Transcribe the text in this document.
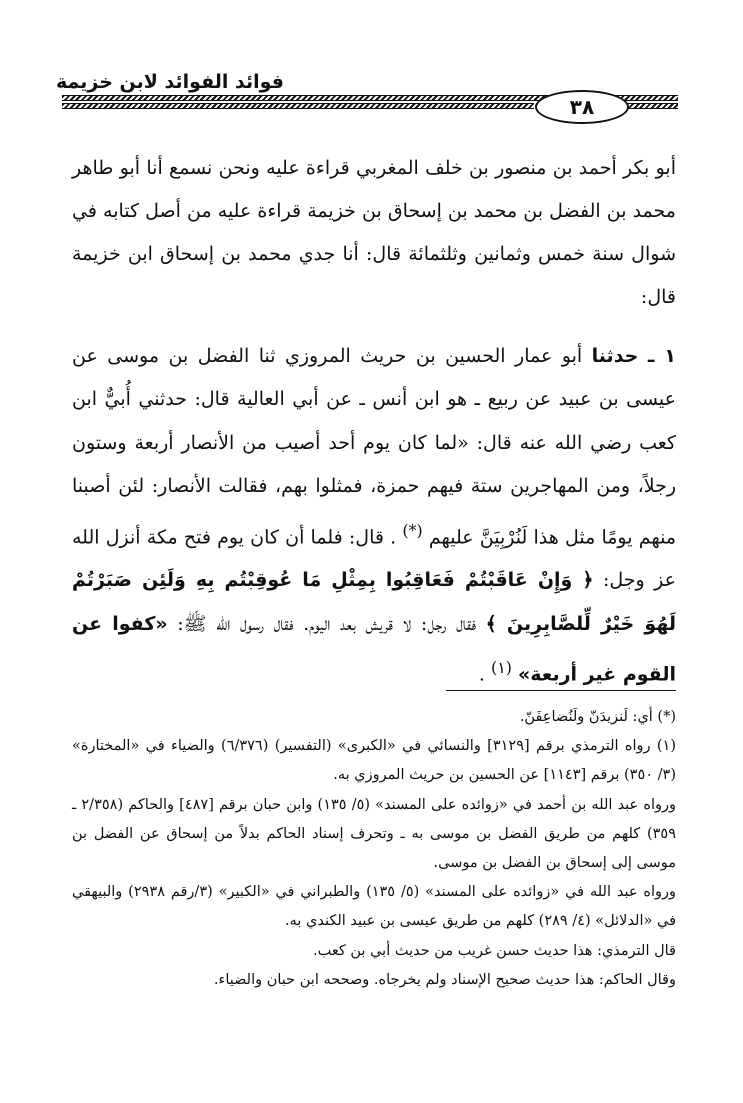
فوائد الفوائد لابن خزيمة
٣٨
أبو بكر أحمد بن منصور بن خلف المغربي قراءة عليه ونحن نسمع أنا أبو طاهر محمد بن الفضل بن محمد بن إسحاق بن خزيمة قراءة عليه من أصل كتابه في شوال سنة خمس وثمانين وثلثمائة قال: أنا جدي محمد بن إسحاق ابن خزيمة قال:
١ ـ حدثنا أبو عمار الحسين بن حريث المروزي ثنا الفضل بن موسى عن عيسى بن عبيد عن ربيع ـ هو ابن أنس ـ عن أبي العالية قال: حدثني أُبيٌّ ابن كعب رضي الله عنه قال: «لما كان يوم أحد أصيب من الأنصار أربعة وستون رجلاً، ومن المهاجرين ستة فيهم حمزة، فمثلوا بهم، فقالت الأنصار: لئن أصبنا منهم يومًا مثل هذا لَنُرْبِيَنَّ عليهم (*) . قال: فلما أن كان يوم فتح مكة أنزل الله عز وجل: ﴿ وَإِنْ عَاقَبْتُمْ فَعَاقِبُوا بِمِثْلِ مَا عُوقِبْتُم بِهِ وَلَئِن صَبَرْتُمْ لَهُوَ خَيْرٌ لِّلصَّابِرِينَ ﴾ فقال رجل: لا قريش بعد اليوم. فقال رسول الله ﷺ: «كفوا عن القوم غير أربعة» $^{(١)}$ .

(*) أي: لَنزيدَنّ ولَنُضاعِفَنّ.

(١) رواه الترمذي برقم [٣١٢٩] والنسائي في «الكبرى» (التفسير) (٦/٣٧٦) والضياء في «المختارة» (٣/ ٣٥٠) برقم [١١٤٣] عن الحسين بن حريث المروزي به.

ورواه عبد الله بن أحمد في «زوائده على المسند» (٥/ ١٣٥) وابن حبان برقم [٤٨٧] والحاكم (٢/٣٥٨ ـ ٣٥٩) كلهم من طريق الفضل بن موسى به ـ وتحرف إسناد الحاكم بدلاً من إسحاق عن الفضل بن موسى إلى إسحاق بن الفضل بن موسى.

ورواه عبد الله في «زوائده على المسند» (٥/ ١٣٥) والطبراني في «الكبير» (٣/رقم ٢٩٣٨) والبيهقي في «الدلائل» (٤/ ٢٨٩) كلهم من طريق عيسى بن عبيد الكندي به.

قال الترمذي: هذا حديث حسن غريب من حديث أبي بن كعب.

وقال الحاكم: هذا حديث صحيح الإسناد ولم يخرجاه. وصححه ابن حبان والضياء.
